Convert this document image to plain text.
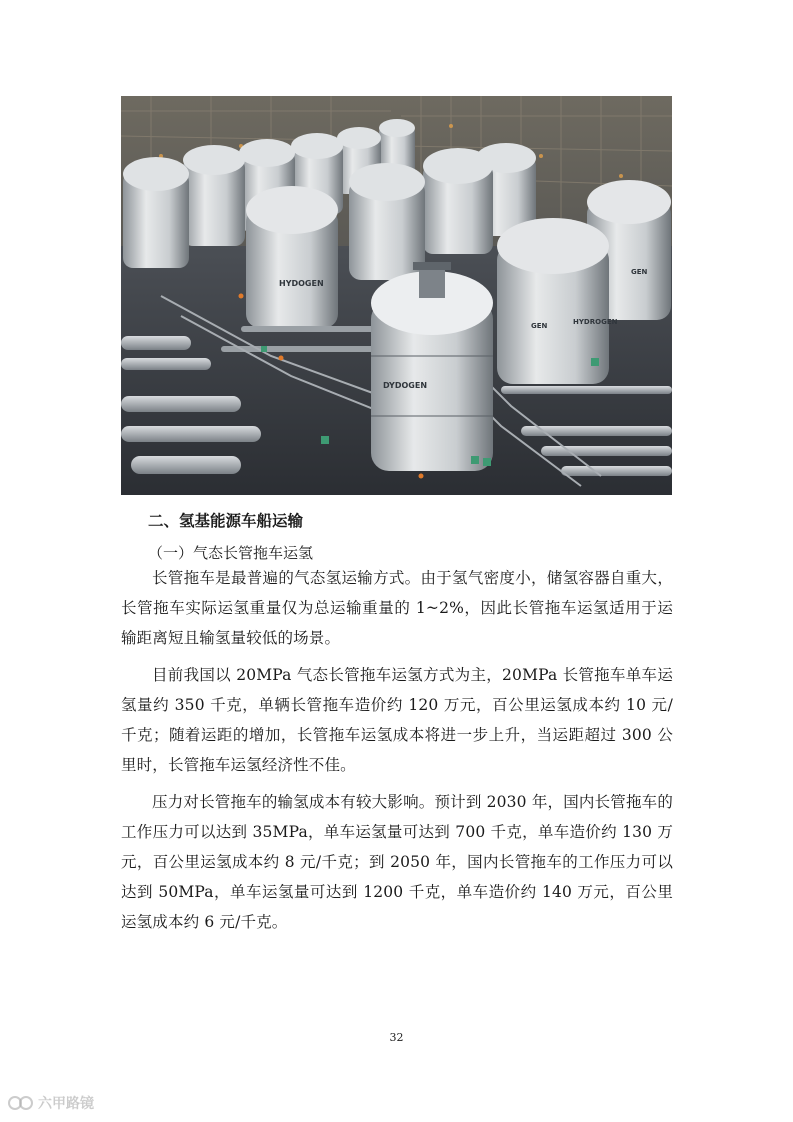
HYDOGEN
GEN
GEN	HYDROGEN
DYDOGEN
二、氢基能源车船运输
（一）气态长管拖车运氢
长管拖车是最普遍的气态氢运输方式。由于氢气密度小，储氢容器自重大，长管拖车实际运氢重量仅为总运输重量的 1~2%，因此长管拖车运氢适用于运输距离短且输氢量较低的场景。
目前我国以 20MPa 气态长管拖车运氢方式为主，20MPa 长管拖车单车运氢量约 350 千克，单辆长管拖车造价约 120 万元，百公里运氢成本约 10 元/千克；随着运距的增加，长管拖车运氢成本将进一步上升，当运距超过 300 公里时，长管拖车运氢经济性不佳。
压力对长管拖车的输氢成本有较大影响。预计到 2030 年，国内长管拖车的工作压力可以达到 35MPa，单车运氢量可达到 700 千克，单车造价约 130 万元，百公里运氢成本约 8 元/千克；到 2050 年，国内长管拖车的工作压力可以达到 50MPa，单车运氢量可达到 1200 千克，单车造价约 140 万元，百公里运氢成本约 6 元/千克。
32
六甲路镜
